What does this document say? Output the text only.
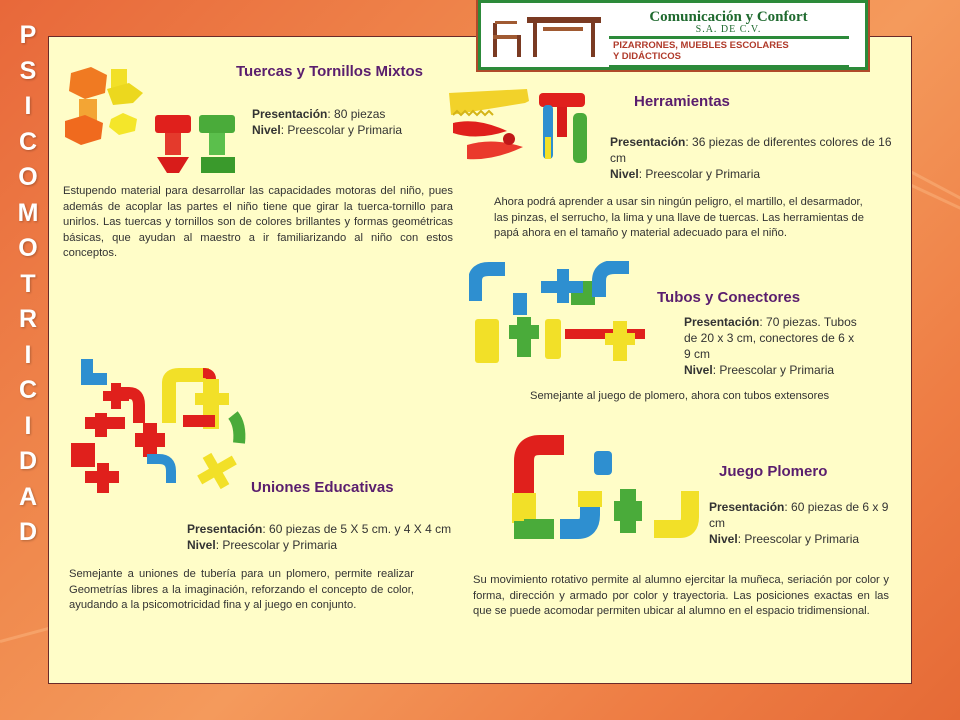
P
S
I
C
O
M
O
T
R
I
C
I
D
A
D
Tuercas y Tornillos Mixtos
Presentación: 80 piezas
Nivel: Preescolar y Primaria
Estupendo material para desarrollar las capacidades motoras del niño, pues además de acoplar las partes el niño tiene que girar la tuerca-tornillo para unirlos. Las tuercas y tornillos son de colores brillantes y formas geométricas básicas, que ayudan al maestro a ir familiarizando al niño con estos conceptos.
Herramientas
Presentación: 36 piezas de diferentes colores de 16 cm
Nivel: Preescolar y Primaria
Ahora podrá aprender a usar sin ningún peligro, el martillo, el desarmador, las pinzas, el serrucho, la lima y una llave de tuercas. Las herramientas de papá ahora en el tamaño y material adecuado para el niño.
Tubos y Conectores
Presentación: 70 piezas. Tubos de 20 x 3 cm, conectores de 6 x 9 cm
Nivel: Preescolar y Primaria
Semejante al juego de plomero, ahora con tubos extensores
Uniones Educativas
Presentación: 60 piezas de 5 X 5 cm. y 4 X 4 cm
Nivel: Preescolar y Primaria
Semejante a uniones de tubería para un plomero, permite realizar Geometrías libres a la imaginación, reforzando el concepto de color, ayudando a la psicomotricidad fina y al juego en conjunto.
Juego Plomero
Presentación: 60 piezas de 6 x 9 cm
Nivel: Preescolar y Primaria
Su movimiento rotativo permite al alumno ejercitar la muñeca, seriación por color y forma, dirección y armado por color y trayectoria. Las posiciones exactas en las que se puede acomodar permiten ubicar al alumno en el espacio tridimensional.
Comunicación y Confort
S.A. DE C.V.
PIZARRONES, MUEBLES ESCOLARES
Y DIDÁCTICOS
